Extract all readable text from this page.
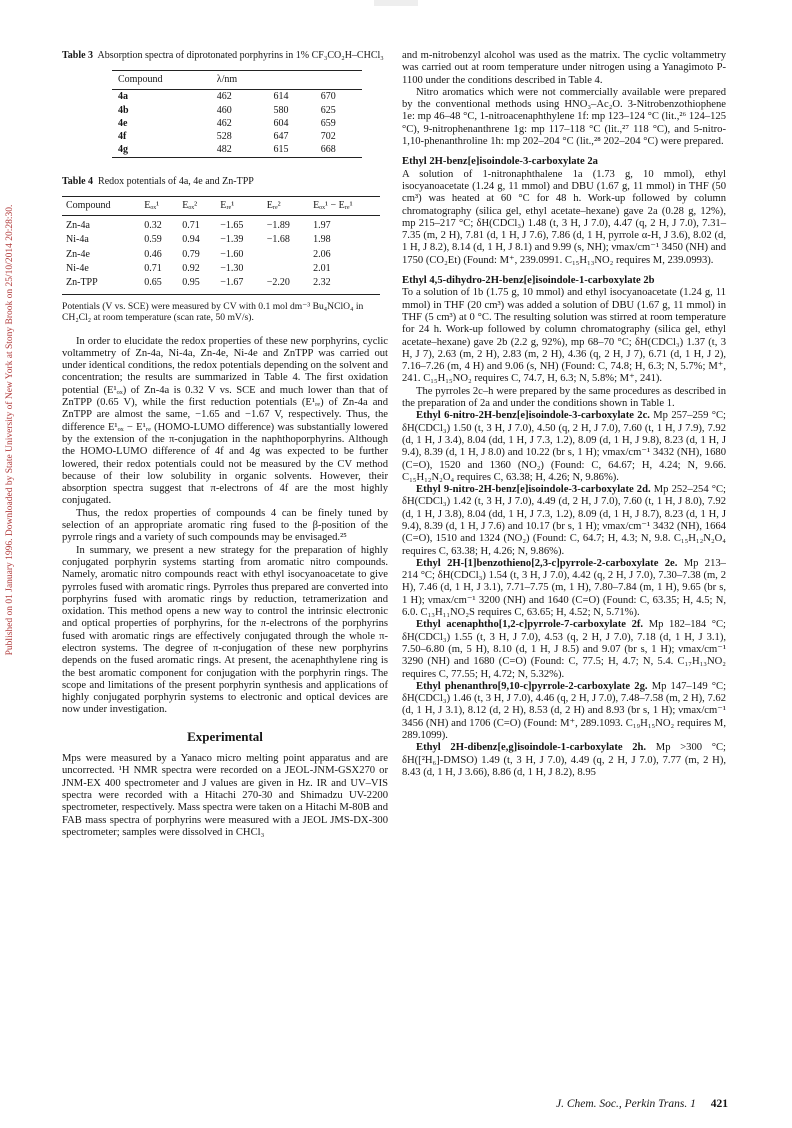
Published on 01 January 1996. Downloaded by State University of New York at Stony Brook on 25/10/2014 20:28:30.
Table 3 Absorption spectra of diprotonated porphyrins in 1% CF₃CO₂H–CHCl₃
Compound	λ/nm		
4a	462	614	670
4b	460	580	625
4e	462	604	659
4f	528	647	702
4g	482	615	668
Table 4 Redox potentials of 4a, 4e and Zn-TPP
Compound	Eₒₓ¹	Eₒₓ²	Eᵣₑ¹	Eᵣₑ²	Eₒₓ¹ − Eᵣₑ¹
Zn-4a	0.32	0.71	−1.65	−1.89	1.97
Ni-4a	0.59	0.94	−1.39	−1.68	1.98
Zn-4e	0.46	0.79	−1.60		2.06
Ni-4e	0.71	0.92	−1.30		2.01
Zn-TPP	0.65	0.95	−1.67	−2.20	2.32
Potentials (V vs. SCE) were measured by CV with 0.1 mol dm⁻³ Bu₄NClO₄ in CH₂Cl₂ at room temperature (scan rate, 50 mV/s).

In order to elucidate the redox properties of these new porphyrins, cyclic voltammetry of Zn-4a, Ni-4a, Zn-4e, Ni-4e and ZnTPP was carried out under identical conditions, the redox potentials depending on the solvent and concentration; the results are summarized in Table 4. The first oxidation potential (E¹ₒₓ) of Zn-4a is 0.32 V vs. SCE and much lower than that of ZnTPP (0.65 V), while the first reduction potentials (E¹ᵣₑ) of Zn-4a and ZnTPP are almost the same, −1.65 and −1.67 V, respectively. Thus, the difference E¹ₒₓ − E¹ᵣₑ (HOMO-LUMO difference) was substantially lowered by the extension of the π-conjugation in the naphthoporphyrins. Although the HOMO-LUMO difference of 4f and 4g was expected to be further lowered, their redox potentials could not be measured by the CV method because of their low solubility in organic solvents. However, their absorption spectra suggest that π-electrons of 4f are the most highly conjugated.

Thus, the redox properties of compounds 4 can be finely tuned by selection of an appropriate aromatic ring fused to the β-position of the pyrrole rings and a variety of such compounds may be envisaged.²⁵

In summary, we present a new strategy for the preparation of highly conjugated porphyrin systems starting from aromatic nitro compounds. Namely, aromatic nitro compounds react with ethyl isocyanoacetate to give pyrroles fused with aromatic rings. Pyrroles thus prepared are converted into porphyrins fused with aromatic rings by reduction, tetramerization and oxidation. This method opens a new way to control the intrinsic electronic and optical properties of porphyrins, for the π-electrons of the porphyrins fused with aromatic rings are effectively conjugated through the whole π-electron systems. The degree of π-conjugation of these new porphyrins depends on the fused aromatic rings. At present, the acenaphthylene ring is the best aromatic component for conjugation with the porphyrin rings. The scope and limitations of the present porphyrin synthesis and applications of highly conjugated porphyrin systems to electronic and optical devices are now under investigation.

Experimental

Mps were measured by a Yanaco micro melting point apparatus and are uncorrected. ¹H NMR spectra were recorded on a JEOL-JNM-GSX270 or JNM-EX 400 spectrometer and J values are given in Hz. IR and UV–VIS spectra were recorded with a Hitachi 270-30 and Shimadzu UV-2200 spectrometer, respectively. Mass spectra were taken on a Hitachi M-80B and FAB mass spectra of porphyrins were measured with a JEOL JMS-DX-300 spectrometer; samples were dissolved in CHCl₃

and m-nitrobenzyl alcohol was used as the matrix. The cyclic voltammetry was carried out at room temperature under nitrogen using a Yanagimoto P-1100 under the conditions described in Table 4.

Nitro aromatics which were not commercially available were prepared by the conventional methods using HNO₃–Ac₂O. 3-Nitrobenzothiophene 1e: mp 46–48 °C, 1-nitroacenaphthylene 1f: mp 123–124 °C (lit.,²⁶ 124–125 °C), 9-nitrophenanthrene 1g: mp 117–118 °C (lit.,²⁷ 118 °C), and 5-nitro-1,10-phenanthroline 1h: mp 202–204 °C (lit.,²⁸ 202–204 °C) were prepared.

Ethyl 2H-benz[e]isoindole-3-carboxylate 2a

A solution of 1-nitronaphthalene 1a (1.73 g, 10 mmol), ethyl isocyanoacetate (1.24 g, 11 mmol) and DBU (1.67 g, 11 mmol) in THF (50 cm³) was heated at 60 °C for 48 h. Work-up followed by column chromatography (silica gel, ethyl acetate–hexane) gave 2a (0.28 g, 12%), mp 215–217 °C; δH(CDCl₃) 1.48 (t, 3 H, J 7.0), 4.47 (q, 2 H, J 7.0), 7.31–7.35 (m, 2 H), 7.81 (d, 1 H, J 7.6), 7.86 (d, 1 H, pyrrole α-H, J 3.6), 8.02 (d, 1 H, J 8.2), 8.14 (d, 1 H, J 8.1) and 9.99 (s, NH); νmax/cm⁻¹ 3450 (NH) and 1750 (CO₂Et) (Found: M⁺, 239.0991. C₁₅H₁₃NO₂ requires M, 239.0993).

Ethyl 4,5-dihydro-2H-benz[e]isoindole-1-carboxylate 2b

To a solution of 1b (1.75 g, 10 mmol) and ethyl isocyanoacetate (1.24 g, 11 mmol) in THF (20 cm³) was added a solution of DBU (1.67 g, 11 mmol) in THF (5 cm³) at 0 °C. The resulting solution was stirred at room temperature for 24 h. Work-up followed by column chromatography (silica gel, ethyl acetate–hexane) gave 2b (2.2 g, 92%), mp 68–70 °C; δH(CDCl₃) 1.37 (t, 3 H, J 7), 2.63 (m, 2 H), 2.83 (m, 2 H), 4.36 (q, 2 H, J 7), 6.71 (d, 1 H, J 2), 7.16–7.26 (m, 4 H) and 9.06 (s, NH) (Found: C, 74.8; H, 6.3; N, 5.7%; M⁺, 241. C₁₅H₁₅NO₂ requires C, 74.7, H, 6.3; N, 5.8%; M⁺, 241).

The pyrroles 2c–h were prepared by the same procedures as described in the preparation of 2a and under the conditions shown in Table 1.

Ethyl 6-nitro-2H-benz[e]isoindole-3-carboxylate 2c. Mp 257–259 °C; δH(CDCl₃) 1.50 (t, 3 H, J 7.0), 4.50 (q, 2 H, J 7.0), 7.60 (t, 1 H, J 7.9), 7.92 (d, 1 H, J 3.4), 8.04 (dd, 1 H, J 7.3, 1.2), 8.09 (d, 1 H, J 9.8), 8.23 (d, 1 H, J 9.4), 8.39 (d, 1 H, J 8.0) and 10.22 (br s, 1 H); νmax/cm⁻¹ 3432 (NH), 1680 (C=O), 1520 and 1360 (NO₂) (Found: C, 64.67; H, 4.24; N, 9.66. C₁₅H₁₂N₂O₄ requires C, 63.38; H, 4.26; N, 9.86%).

Ethyl 9-nitro-2H-benz[e]isoindole-3-carboxylate 2d. Mp 252–254 °C; δH(CDCl₃) 1.42 (t, 3 H, J 7.0), 4.49 (d, 2 H, J 7.0), 7.60 (t, 1 H, J 8.0), 7.92 (d, 1 H, J 3.8), 8.04 (dd, 1 H, J 7.3, 1.2), 8.09 (d, 1 H, J 8.7), 8.23 (d, 1 H, J 9.4), 8.39 (d, 1 H, J 7.6) and 10.17 (br s, 1 H); νmax/cm⁻¹ 3432 (NH), 1664 (C=O), 1510 and 1324 (NO₂) (Found: C, 64.7; H, 4.3; N, 9.8. C₁₅H₁₂N₂O₄ requires C, 63.38; H, 4.26; N, 9.86%).

Ethyl 2H-[1]benzothieno[2,3-c]pyrrole-2-carboxylate 2e. Mp 213–214 °C; δH(CDCl₃) 1.54 (t, 3 H, J 7.0), 4.42 (q, 2 H, J 7.0), 7.30–7.38 (m, 2 H), 7.46 (d, 1 H, J 3.1), 7.71–7.75 (m, 1 H), 7.80–7.84 (m, 1 H), 9.65 (br s, 1 H); νmax/cm⁻¹ 3200 (NH) and 1640 (C=O) (Found: C, 63.35; H, 4.5; N, 6.0. C₁₃H₁₁NO₂S requires C, 63.65; H, 4.52; N, 5.71%).

Ethyl acenaphtho[1,2-c]pyrrole-7-carboxylate 2f. Mp 182–184 °C; δH(CDCl₃) 1.55 (t, 3 H, J 7.0), 4.53 (q, 2 H, J 7.0), 7.18 (d, 1 H, J 3.1), 7.50–6.80 (m, 5 H), 8.10 (d, 1 H, J 8.5) and 9.07 (br s, 1 H); νmax/cm⁻¹ 3290 (NH) and 1680 (C=O) (Found: C, 77.5; H, 4.7; N, 5.4. C₁₇H₁₃NO₂ requires C, 77.55; H, 4.72; N, 5.32%).

Ethyl phenanthro[9,10-c]pyrrole-2-carboxylate 2g. Mp 147–149 °C; δH(CDCl₃) 1.46 (t, 3 H, J 7.0), 4.46 (q, 2 H, J 7.0), 7.48–7.58 (m, 2 H), 7.62 (d, 1 H, J 3.1), 8.12 (d, 2 H), 8.53 (d, 2 H) and 8.93 (br s, 1 H); νmax/cm⁻¹ 3456 (NH) and 1706 (C=O) (Found: M⁺, 289.1093. C₁₉H₁₅NO₂ requires M, 289.1099).

Ethyl 2H-dibenz[e,g]isoindole-1-carboxylate 2h. Mp >300 °C; δH([²H₆]-DMSO) 1.49 (t, 3 H, J 7.0), 4.49 (q, 2 H, J 7.0), 7.77 (m, 2 H), 8.43 (d, 1 H, J 3.66), 8.86 (d, 1 H, J 8.2), 8.95

J. Chem. Soc., Perkin Trans. 1 421
